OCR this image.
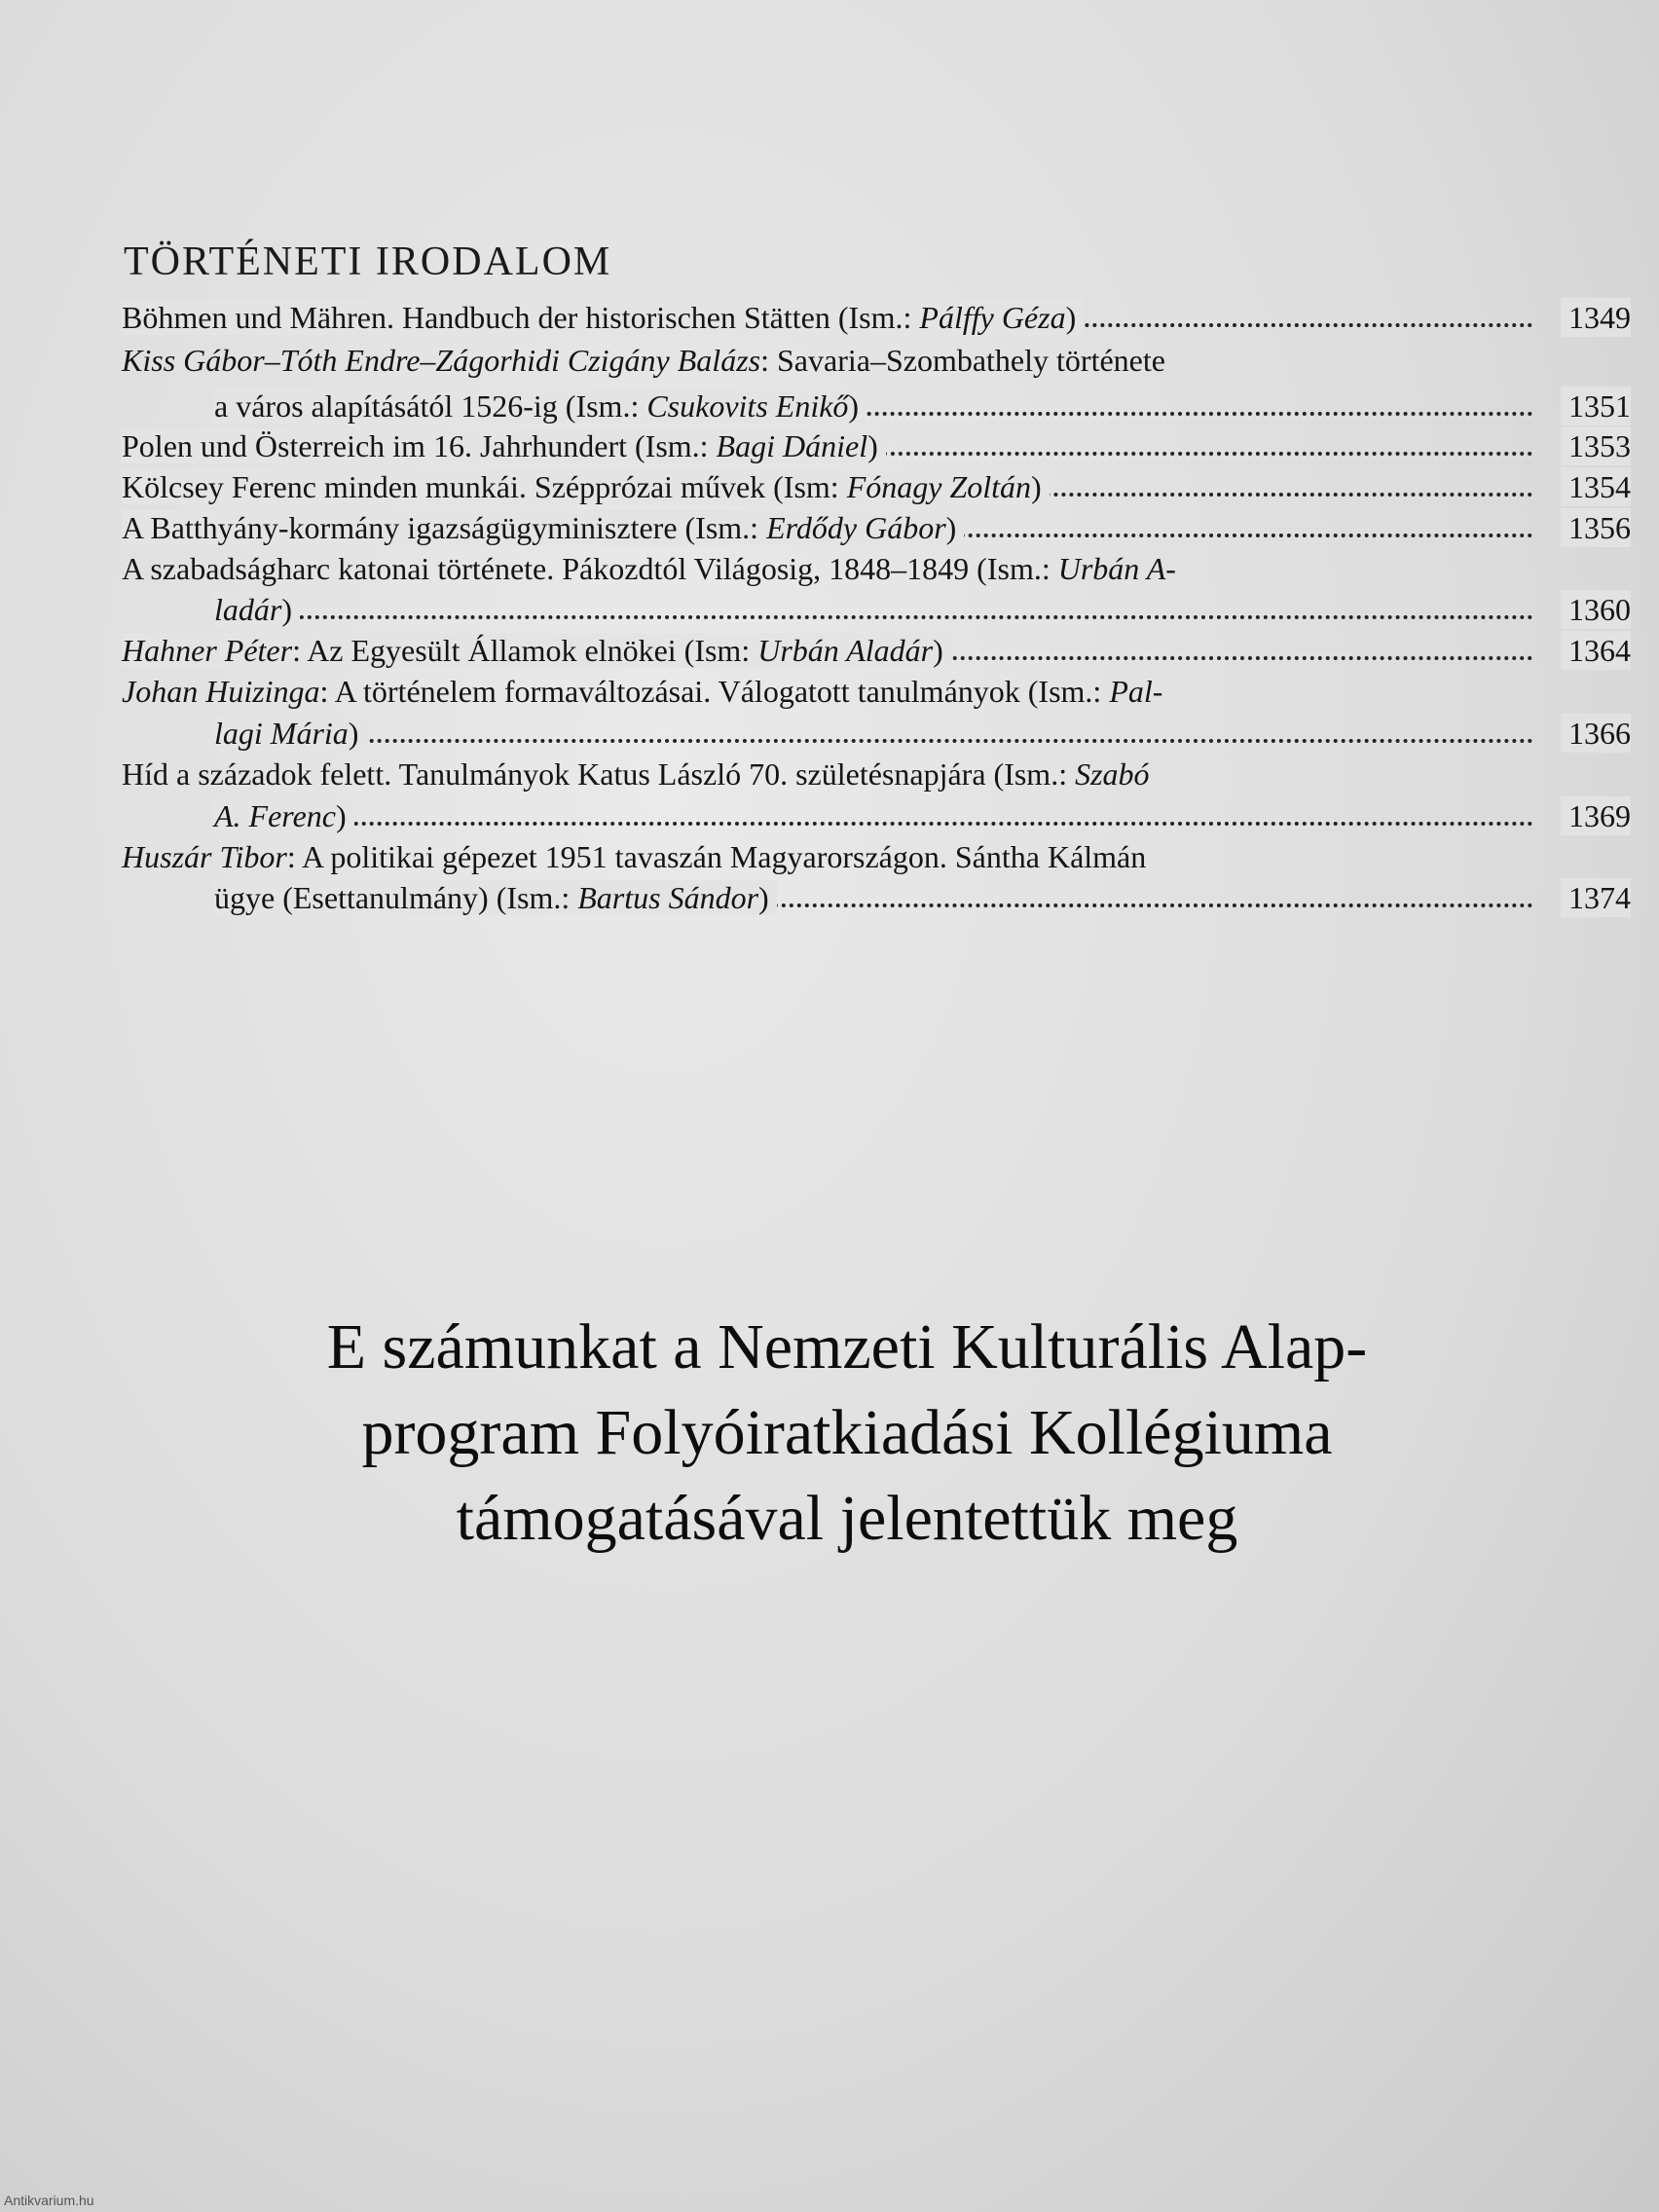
TÖRTÉNETI IRODALOM
Böhmen und Mähren. Handbuch der historischen Stätten (Ism.: Pálffy Géza)	1349
Kiss Gábor–Tóth Endre–Zágorhidi Czigány Balázs: Savaria–Szombathely története
a város alapításától 1526-ig (Ism.: Csukovits Enikő)	1351
Polen und Österreich im 16. Jahrhundert (Ism.: Bagi Dániel)	1353
Kölcsey Ferenc minden munkái. Szépprózai művek (Ism: Fónagy Zoltán)	1354
A Batthyány-kormány igazságügyminisztere (Ism.: Erdődy Gábor)	1356
A szabadságharc katonai története. Pákozdtól Világosig, 1848–1849 (Ism.: Urbán A-
ladár)	1360
Hahner Péter: Az Egyesült Államok elnökei (Ism: Urbán Aladár)	1364
Johan Huizinga: A történelem formaváltozásai. Válogatott tanulmányok (Ism.: Pal-
lagi Mária)	1366
Híd a századok felett. Tanulmányok Katus László 70. születésnapjára (Ism.: Szabó
A. Ferenc)	1369
Huszár Tibor: A politikai gépezet 1951 tavaszán Magyarországon. Sántha Kálmán
ügye (Esettanulmány) (Ism.: Bartus Sándor)	1374
E számunkat a Nemzeti Kulturális Alap-
program Folyóiratkiadási Kollégiuma
támogatásával jelentettük meg
Antikvarium.hu
